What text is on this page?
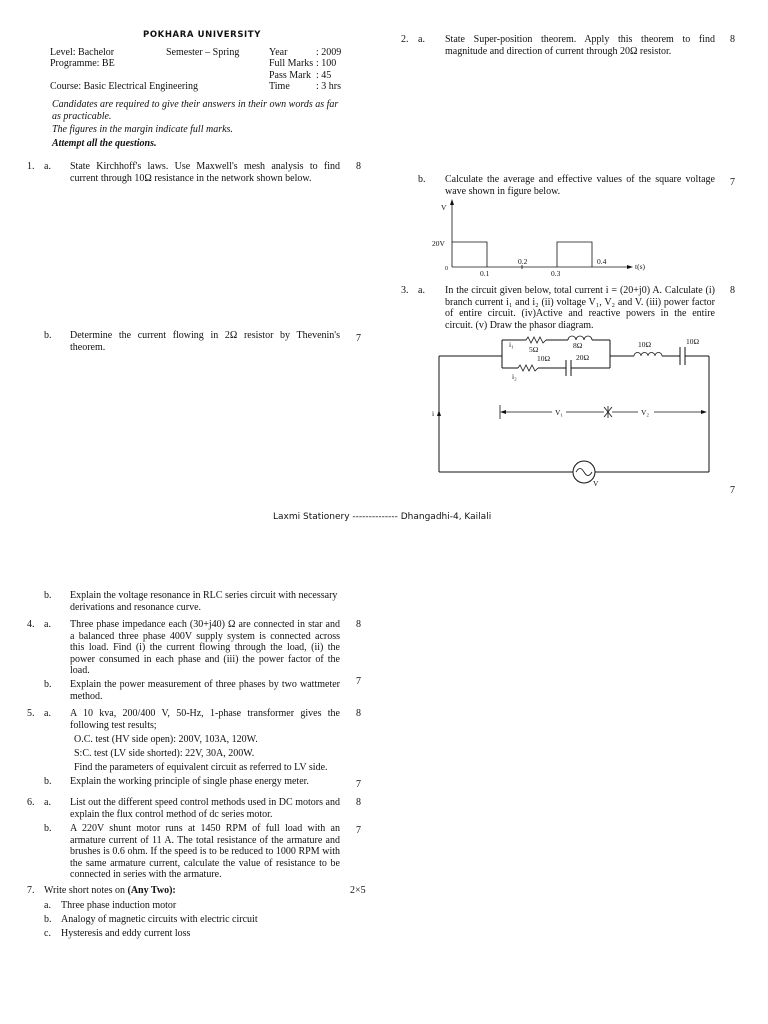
POKHARA UNIVERSITY
Level: Bachelor	Semester – Spring	Year	: 2009
Programme: BE	Full Marks : 100
Pass Mark : 45
Course: Basic Electrical Engineering	Time	: 3 hrs
Candidates are required to give their answers in their own words as far as practicable.
The figures in the margin indicate full marks.
Attempt all the questions.
1. a. State Kirchhoff's laws. Use Maxwell's mesh analysis to find current through 10Ω resistance in the network shown below.
8
b. Determine the current flowing in 2Ω resistor by Thevenin's theorem.
7
2. a. State Super-position theorem. Apply this theorem to find magnitude and direction of current through 20Ω resistor.
8
b. Calculate the average and effective values of the square voltage wave shown in figure below.
7
V
t(s)
0
20V
0.1
0.2
0.3
0.4
3. a. In the circuit given below, total current i = (20+j0) A. Calculate (i) branch current i₁ and i₂ (ii) voltage V₁, V₂ and V. (iii) power factor of entire circuit. (iv)Active and reactive powers in the entire circuit. (v) Draw the phasor diagram.
8
i
i₁
5Ω	8Ω
10Ω	20Ω
i₂
10Ω	10Ω
V₁	V₂
V
7
Laxmi Stationery -------------- Dhangadhi-4, Kailali
b. Explain the voltage resonance in RLC series circuit with necessary derivations and resonance curve.
4. a. Three phase impedance each (30+j40) Ω are connected in star and a balanced three phase 400V supply system is connected across this load. Find (i) the current flowing through the load, (ii) the power consumed in each phase and (iii) the power factor of the load.
8
b. Explain the power measurement of three phases by two wattmeter method.
7
5. a. A 10 kva, 200/400 V, 50-Hz, 1-phase transformer gives the following test results;
8
O.C. test (HV side open): 200V, 103A, 120W.
S:C. test (LV side shorted): 22V, 30A, 200W.
Find the parameters of equivalent circuit as referred to LV side.
b. Explain the working principle of single phase energy meter.	7
6. a. List out the different speed control methods used in DC motors and explain the flux control method of dc series motor.
8
b. A 220V shunt motor runs at 1450 RPM of full load with an armature current of 11 A. The total resistance of the armature and brushes is 0.6 ohm. If the speed is to be reduced to 1000 RPM with the same armature current, calculate the value of resistance to be connected in series with the armature.
7
7. Write short notes on (Any Two):	2×5
a. Three phase induction motor
b. Analogy of magnetic circuits with electric circuit
c. Hysteresis and eddy current loss
